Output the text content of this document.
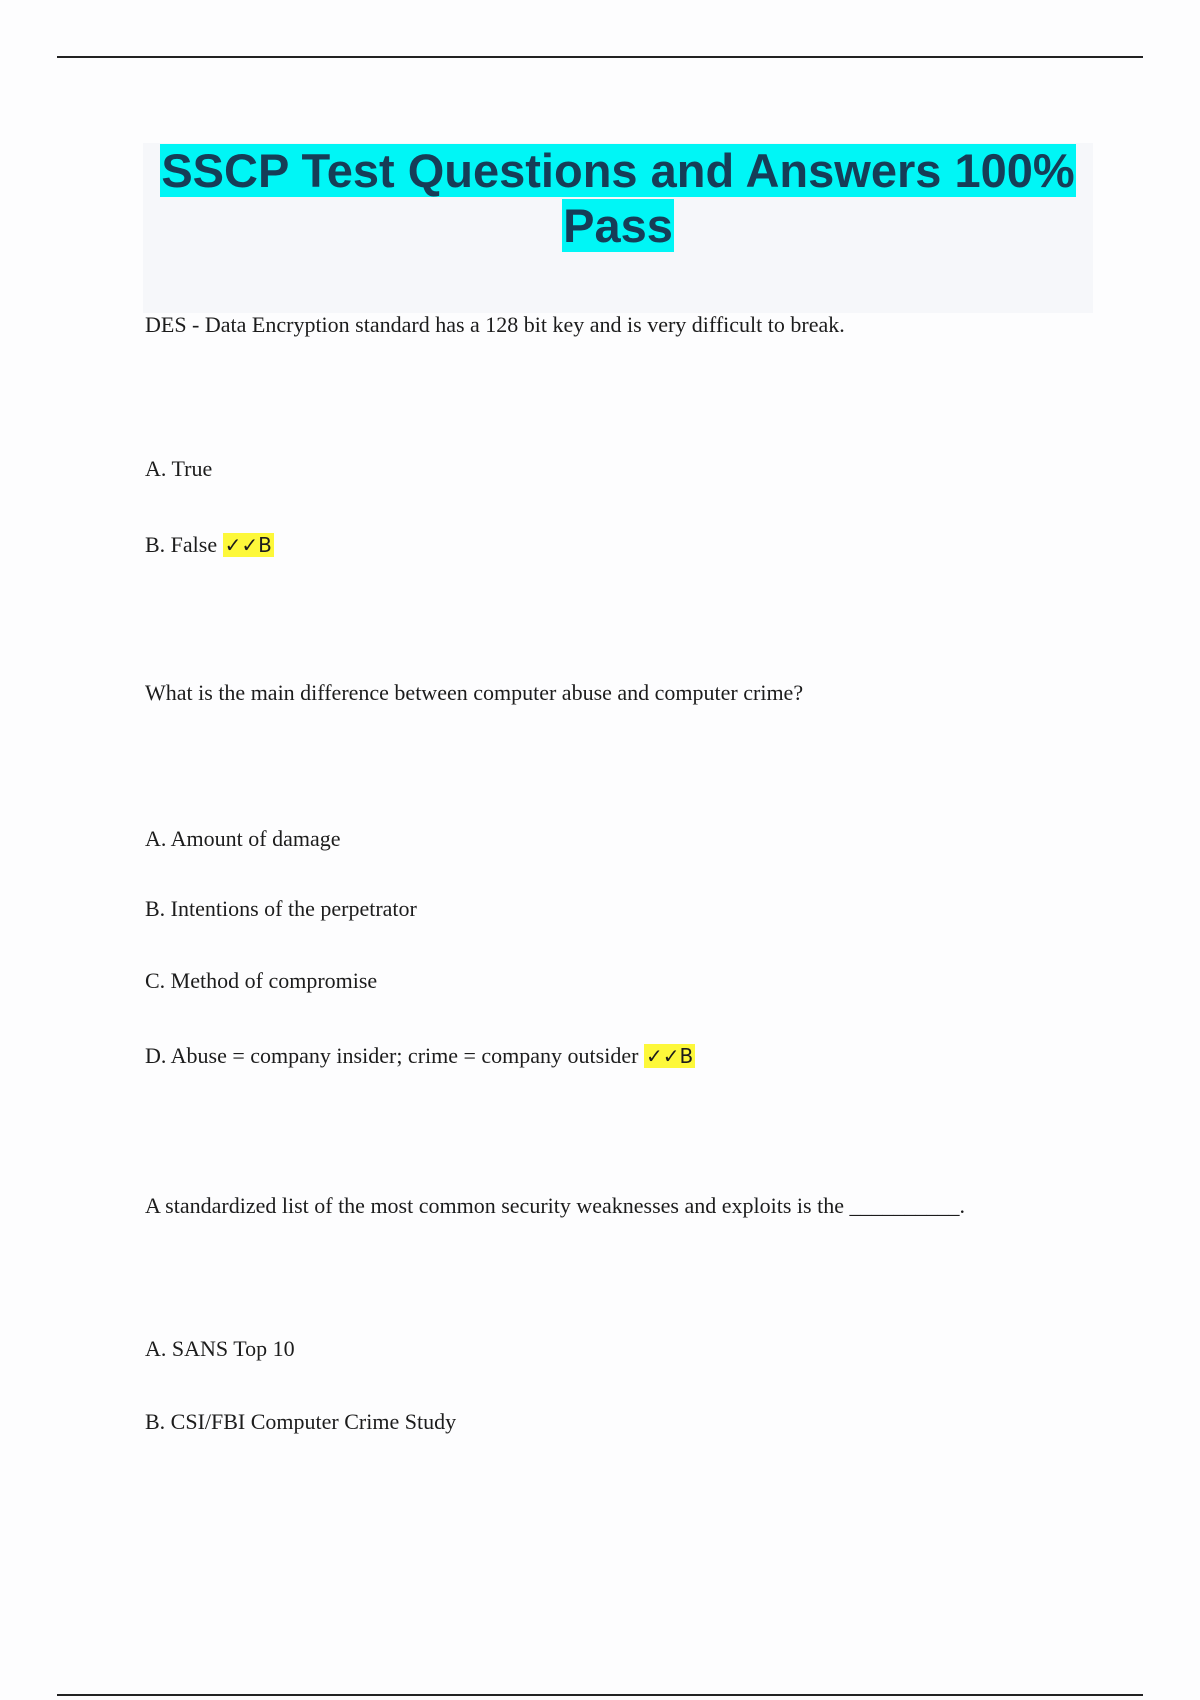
SSCP Test Questions and Answers 100%
Pass
DES - Data Encryption standard has a 128 bit key and is very difficult to break.
A. True
B. False ✓✓B
What is the main difference between computer abuse and computer crime?
A. Amount of damage
B. Intentions of the perpetrator
C. Method of compromise
D. Abuse = company insider; crime = company outsider ✓✓B
A standardized list of the most common security weaknesses and exploits is the __________.
A. SANS Top 10
B. CSI/FBI Computer Crime Study
